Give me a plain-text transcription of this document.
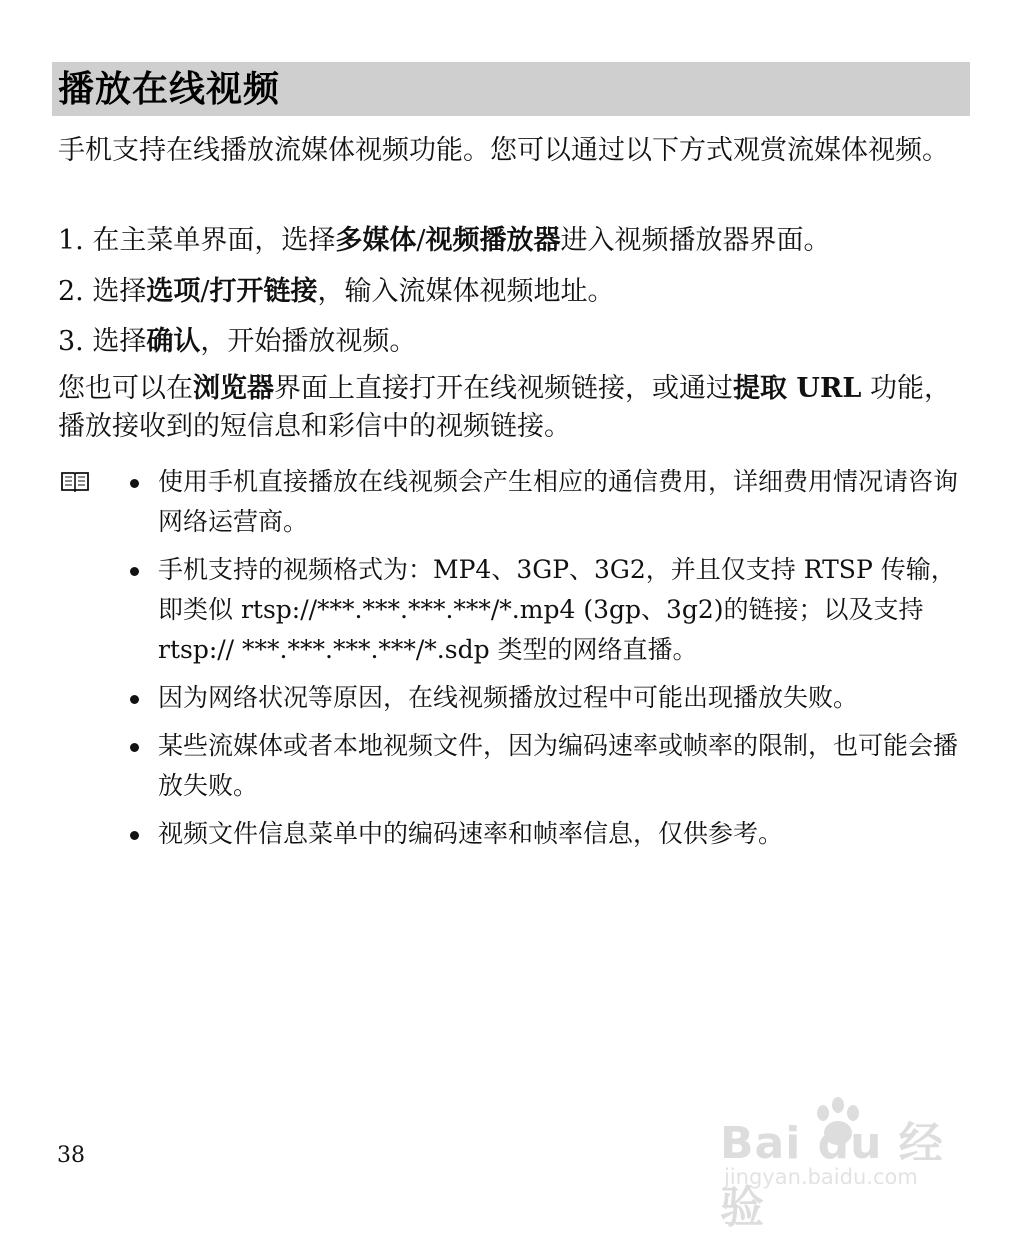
播放在线视频

手机支持在线播放流媒体视频功能。您可以通过以下方式观赏流媒体视频。

1. 在主菜单界面，选择多媒体/视频播放器进入视频播放器界面。

2. 选择选项/打开链接，输入流媒体视频地址。

3. 选择确认，开始播放视频。

您也可以在浏览器界面上直接打开在线视频链接，或通过提取 URL 功能，播放接收到的短信息和彩信中的视频链接。

使用手机直接播放在线视频会产生相应的通信费用，详细费用情况请咨询网络运营商。
手机支持的视频格式为：MP4、3GP、3G2，并且仅支持 RTSP 传输，即类似 rtsp://***.***.***.***/*.mp4 (3gp、3g2)的链接；以及支持 rtsp:// ***.***.***.***/*.sdp 类型的网络直播。
因为网络状况等原因，在线视频播放过程中可能出现播放失败。
某些流媒体或者本地视频文件，因为编码速率或帧率的限制，也可能会播放失败。
视频文件信息菜单中的编码速率和帧率信息，仅供参考。
38	Bai du 经验
jingyan.baidu.com
